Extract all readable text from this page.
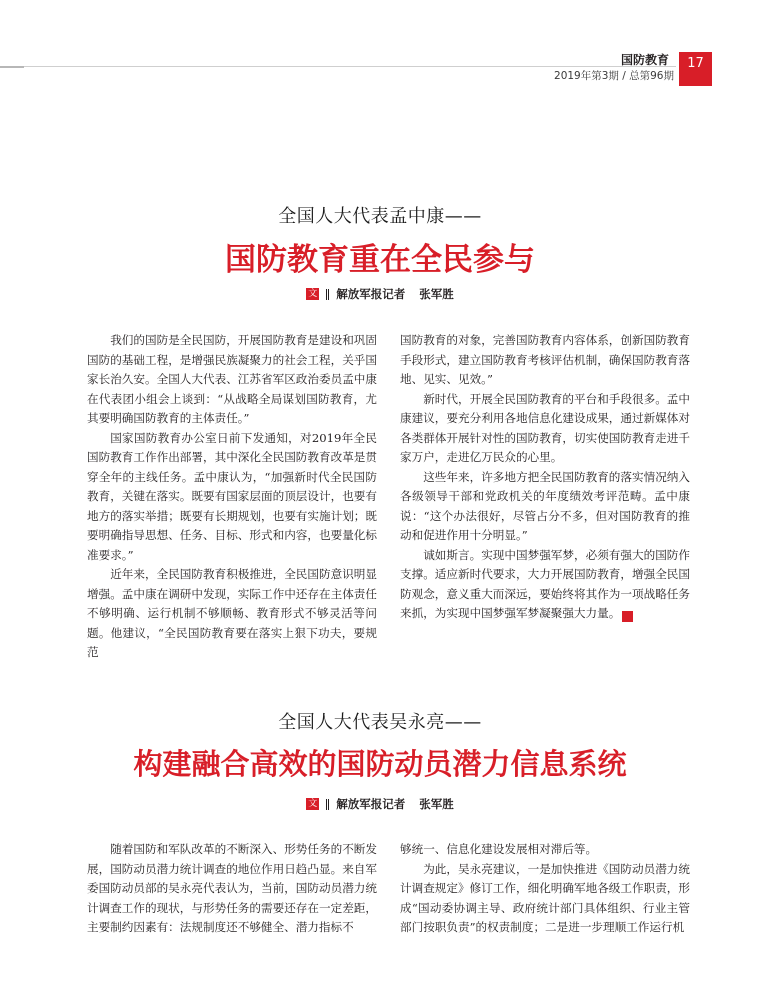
国防教育
2019年第3期 / 总第96期
17
全国人大代表孟中康——
国防教育重在全民参与
文 解放军报记者 张军胜

我们的国防是全民国防，开展国防教育是建设和巩固国防的基础工程，是增强民族凝聚力的社会工程，关乎国家长治久安。全国人大代表、江苏省军区政治委员孟中康在代表团小组会上谈到：“从战略全局谋划国防教育，尤其要明确国防教育的主体责任。”

国家国防教育办公室日前下发通知，对2019年全民国防教育工作作出部署，其中深化全民国防教育改革是贯穿全年的主线任务。孟中康认为，“加强新时代全民国防教育，关键在落实。既要有国家层面的顶层设计，也要有地方的落实举措；既要有长期规划，也要有实施计划；既要明确指导思想、任务、目标、形式和内容，也要量化标准要求。”

近年来，全民国防教育积极推进，全民国防意识明显增强。孟中康在调研中发现，实际工作中还存在主体责任不够明确、运行机制不够顺畅、教育形式不够灵活等问题。他建议，“全民国防教育要在落实上狠下功夫，要规范

国防教育的对象，完善国防教育内容体系，创新国防教育手段形式，建立国防教育考核评估机制，确保国防教育落地、见实、见效。”

新时代，开展全民国防教育的平台和手段很多。孟中康建议，要充分利用各地信息化建设成果，通过新媒体对各类群体开展针对性的国防教育，切实使国防教育走进千家万户，走进亿万民众的心里。

这些年来，许多地方把全民国防教育的落实情况纳入各级领导干部和党政机关的年度绩效考评范畴。孟中康说：“这个办法很好，尽管占分不多，但对国防教育的推动和促进作用十分明显。”

诚如斯言。实现中国梦强军梦，必须有强大的国防作支撑。适应新时代要求，大力开展国防教育，增强全民国防观念，意义重大而深远，要始终将其作为一项战略任务来抓，为实现中国梦强军梦凝聚强大力量。	G

全国人大代表吴永亮——
构建融合高效的国防动员潜力信息系统
文 解放军报记者 张军胜

随着国防和军队改革的不断深入、形势任务的不断发展，国防动员潜力统计调查的地位作用日趋凸显。来自军委国防动员部的吴永亮代表认为，当前，国防动员潜力统计调查工作的现状，与形势任务的需要还存在一定差距，主要制约因素有：法规制度还不够健全、潜力指标不

够统一、信息化建设发展相对滞后等。

为此，吴永亮建议，一是加快推进《国防动员潜力统计调查规定》修订工作，细化明确军地各级工作职责，形成“国动委协调主导、政府统计部门具体组织、行业主管部门按职负责”的权责制度；二是进一步理顺工作运行机
